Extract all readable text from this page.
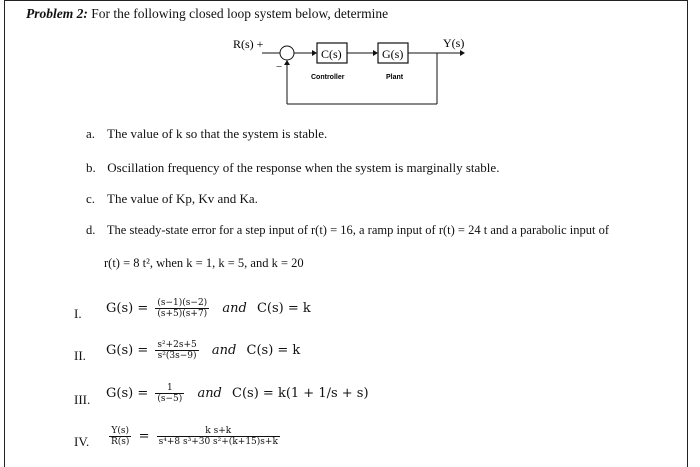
Problem 2: For the following closed loop system below, determine
R(s) +
−
C(s)	G(s)
Y(s)
Controller	Plant
a. The value of k so that the system is stable.
b. Oscillation frequency of the response when the system is marginally stable.
c. The value of Kp, Kv and Ka.
d. The steady-state error for a step input of r(t) = 16, a ramp input of r(t) = 24 t and a parabolic input of
r(t) = 8 t², when k = 1, k = 5, and k = 20
I. $G(s) = \frac{(s-1)(s-2)}{(s+5)(s+7)}$ and C(s) = k
II. $G(s) = \frac{\text{s²+2s+5}}{\text{s²(3s−9)}}$ and C(s) = k
III. $G(s) = \frac{1}{(s-5)}$ and C(s) = k(1 + 1/s + s)
IV. $\frac{Y(s)}{R(s)} = \frac{\text{k s+k}}{\text{s⁴+8 s³+30 s²+(k+15)s+k}}$
